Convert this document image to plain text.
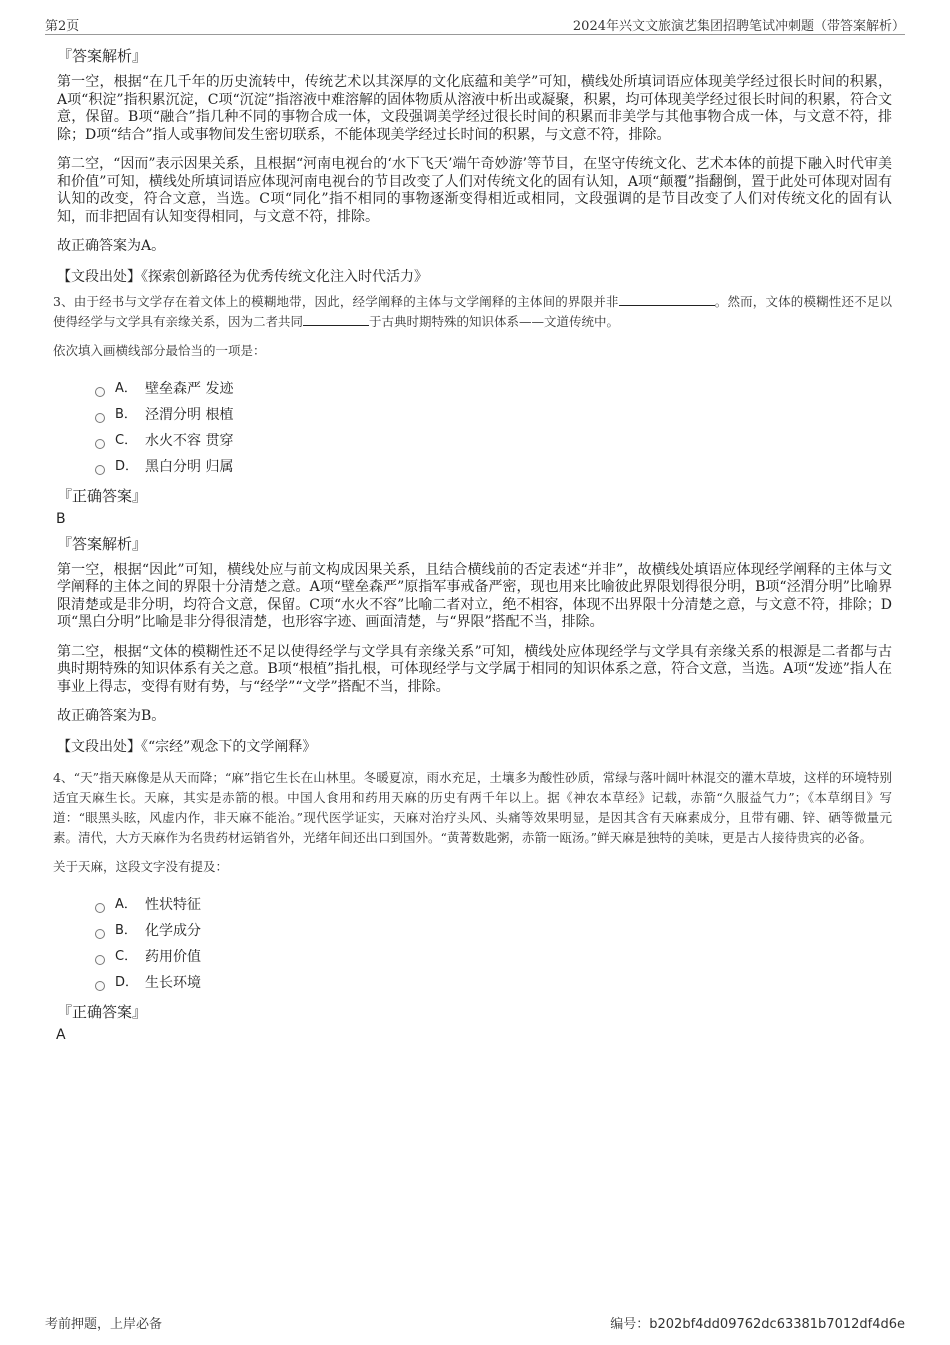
第2页	2024年兴文文旅演艺集团招聘笔试冲刺题（带答案解析）
『答案解析』

第一空，根据“在几千年的历史流转中，传统艺术以其深厚的文化底蕴和美学”可知，横线处所填词语应体现美学经过很长时间的积累，A项“积淀”指积累沉淀，C项“沉淀”指溶液中难溶解的固体物质从溶液中析出或凝聚，积累，均可体现美学经过很长时间的积累，符合文意，保留。B项“融合”指几种不同的事物合成一体，文段强调美学经过很长时间的积累而非美学与其他事物合成一体，与文意不符，排除；D项“结合”指人或事物间发生密切联系，不能体现美学经过长时间的积累，与文意不符，排除。

第二空，“因而”表示因果关系，且根据“河南电视台的‘水下飞天’端午奇妙游’等节目，在坚守传统文化、艺术本体的前提下融入时代审美和价值”可知，横线处所填词语应体现河南电视台的节目改变了人们对传统文化的固有认知，A项“颠覆”指翻倒，置于此处可体现对固有认知的改变，符合文意，当选。C项“同化”指不相同的事物逐渐变得相近或相同，文段强调的是节目改变了人们对传统文化的固有认知，而非把固有认知变得相同，与文意不符，排除。

故正确答案为A。

【文段出处】《探索创新路径为优秀传统文化注入时代活力》

3、由于经书与文学存在着文体上的模糊地带，因此，经学阐释的主体与文学阐释的主体间的界限并非	。然而，文体的模糊性还不足以使得经学与文学具有亲缘关系，因为二者共同	于古典时期特殊的知识体系——文道传统中。

依次填入画横线部分最恰当的一项是：

A． 壁垒森严 发迹
B． 泾渭分明 根植
C． 水火不容 贯穿
D． 黑白分明 归属
『正确答案』
B
『答案解析』

第一空，根据“因此”可知，横线处应与前文构成因果关系，且结合横线前的否定表述“并非”，故横线处填语应体现经学阐释的主体与文学阐释的主体之间的界限十分清楚之意。A项“壁垒森严”原指军事戒备严密，现也用来比喻彼此界限划得很分明，B项“泾渭分明”比喻界限清楚或是非分明，均符合文意，保留。C项“水火不容”比喻二者对立，绝不相容，体现不出界限十分清楚之意，与文意不符，排除；D项“黑白分明”比喻是非分得很清楚，也形容字迹、画面清楚，与“界限”搭配不当，排除。

第二空，根据“文体的模糊性还不足以使得经学与文学具有亲缘关系”可知，横线处应体现经学与文学具有亲缘关系的根源是二者都与古典时期特殊的知识体系有关之意。B项“根植”指扎根，可体现经学与文学属于相同的知识体系之意，符合文意，当选。A项“发迹”指人在事业上得志，变得有财有势，与“经学”“文学”搭配不当，排除。

故正确答案为B。

【文段出处】《“宗经”观念下的文学阐释》

4、“天”指天麻像是从天而降；“麻”指它生长在山林里。冬暖夏凉，雨水充足，土壤多为酸性砂质，常绿与落叶阔叶林混交的灌木草坡，这样的环境特别适宜天麻生长。天麻，其实是赤箭的根。中国人食用和药用天麻的历史有两千年以上。据《神农本草经》记载，赤箭“久服益气力”；《本草纲目》写道：“眼黑头眩，风虚内作，非天麻不能治。”现代医学证实，天麻对治疗头风、头痛等效果明显，是因其含有天麻素成分，且带有硼、锌、硒等微量元素。清代，大方天麻作为名贵药材运销省外，光绪年间还出口到国外。“黄菁数匙粥，赤箭一瓯汤。”鲜天麻是独特的美味，更是古人接待贵宾的必备。

关于天麻，这段文字没有提及：

A． 性状特征
B． 化学成分
C． 药用价值
D． 生长环境
『正确答案』
A
考前押题，上岸必备	编号：b202bf4dd09762dc63381b7012df4d6e
